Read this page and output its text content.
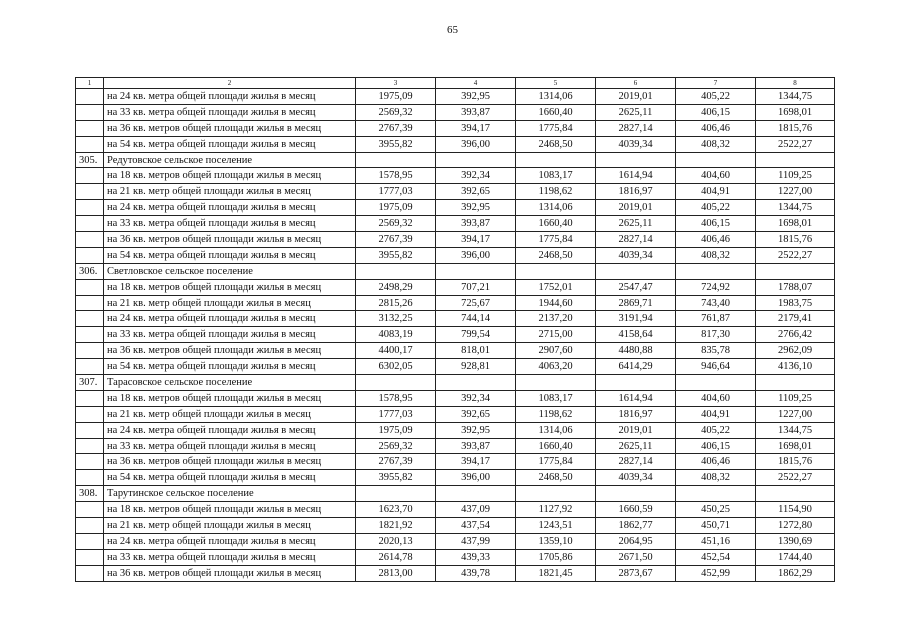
65
1	2	3	4	5	6	7	8
	на 24 кв. метра общей площади жилья в месяц	1975,09	392,95	1314,06	2019,01	405,22	1344,75
	на 33 кв. метра общей площади жилья в месяц	2569,32	393,87	1660,40	2625,11	406,15	1698,01
	на 36 кв. метров общей площади жилья в месяц	2767,39	394,17	1775,84	2827,14	406,46	1815,76
	на 54 кв. метра общей площади жилья в месяц	3955,82	396,00	2468,50	4039,34	408,32	2522,27
305.	Редутовское сельское поселение						
	на 18 кв. метров общей площади жилья в месяц	1578,95	392,34	1083,17	1614,94	404,60	1109,25
	на 21 кв. метр общей площади жилья в месяц	1777,03	392,65	1198,62	1816,97	404,91	1227,00
	на 24 кв. метра общей площади жилья в месяц	1975,09	392,95	1314,06	2019,01	405,22	1344,75
	на 33 кв. метра общей площади жилья в месяц	2569,32	393,87	1660,40	2625,11	406,15	1698,01
	на 36 кв. метров общей площади жилья в месяц	2767,39	394,17	1775,84	2827,14	406,46	1815,76
	на 54 кв. метра общей площади жилья в месяц	3955,82	396,00	2468,50	4039,34	408,32	2522,27
306.	Светловское сельское поселение						
	на 18 кв. метров общей площади жилья в месяц	2498,29	707,21	1752,01	2547,47	724,92	1788,07
	на 21 кв. метр общей площади жилья в месяц	2815,26	725,67	1944,60	2869,71	743,40	1983,75
	на 24 кв. метра общей площади жилья в месяц	3132,25	744,14	2137,20	3191,94	761,87	2179,41
	на 33 кв. метра общей площади жилья в месяц	4083,19	799,54	2715,00	4158,64	817,30	2766,42
	на 36 кв. метров общей площади жилья в месяц	4400,17	818,01	2907,60	4480,88	835,78	2962,09
	на 54 кв. метра общей площади жилья в месяц	6302,05	928,81	4063,20	6414,29	946,64	4136,10
307.	Тарасовское сельское поселение						
	на 18 кв. метров общей площади жилья в месяц	1578,95	392,34	1083,17	1614,94	404,60	1109,25
	на 21 кв. метр общей площади жилья в месяц	1777,03	392,65	1198,62	1816,97	404,91	1227,00
	на 24 кв. метра общей площади жилья в месяц	1975,09	392,95	1314,06	2019,01	405,22	1344,75
	на 33 кв. метра общей площади жилья в месяц	2569,32	393,87	1660,40	2625,11	406,15	1698,01
	на 36 кв. метров общей площади жилья в месяц	2767,39	394,17	1775,84	2827,14	406,46	1815,76
	на 54 кв. метра общей площади жилья в месяц	3955,82	396,00	2468,50	4039,34	408,32	2522,27
308.	Тарутинское сельское поселение						
	на 18 кв. метров общей площади жилья в месяц	1623,70	437,09	1127,92	1660,59	450,25	1154,90
	на 21 кв. метр общей площади жилья в месяц	1821,92	437,54	1243,51	1862,77	450,71	1272,80
	на 24 кв. метра общей площади жилья в месяц	2020,13	437,99	1359,10	2064,95	451,16	1390,69
	на 33 кв. метра общей площади жилья в месяц	2614,78	439,33	1705,86	2671,50	452,54	1744,40
	на 36 кв. метров общей площади жилья в месяц	2813,00	439,78	1821,45	2873,67	452,99	1862,29
